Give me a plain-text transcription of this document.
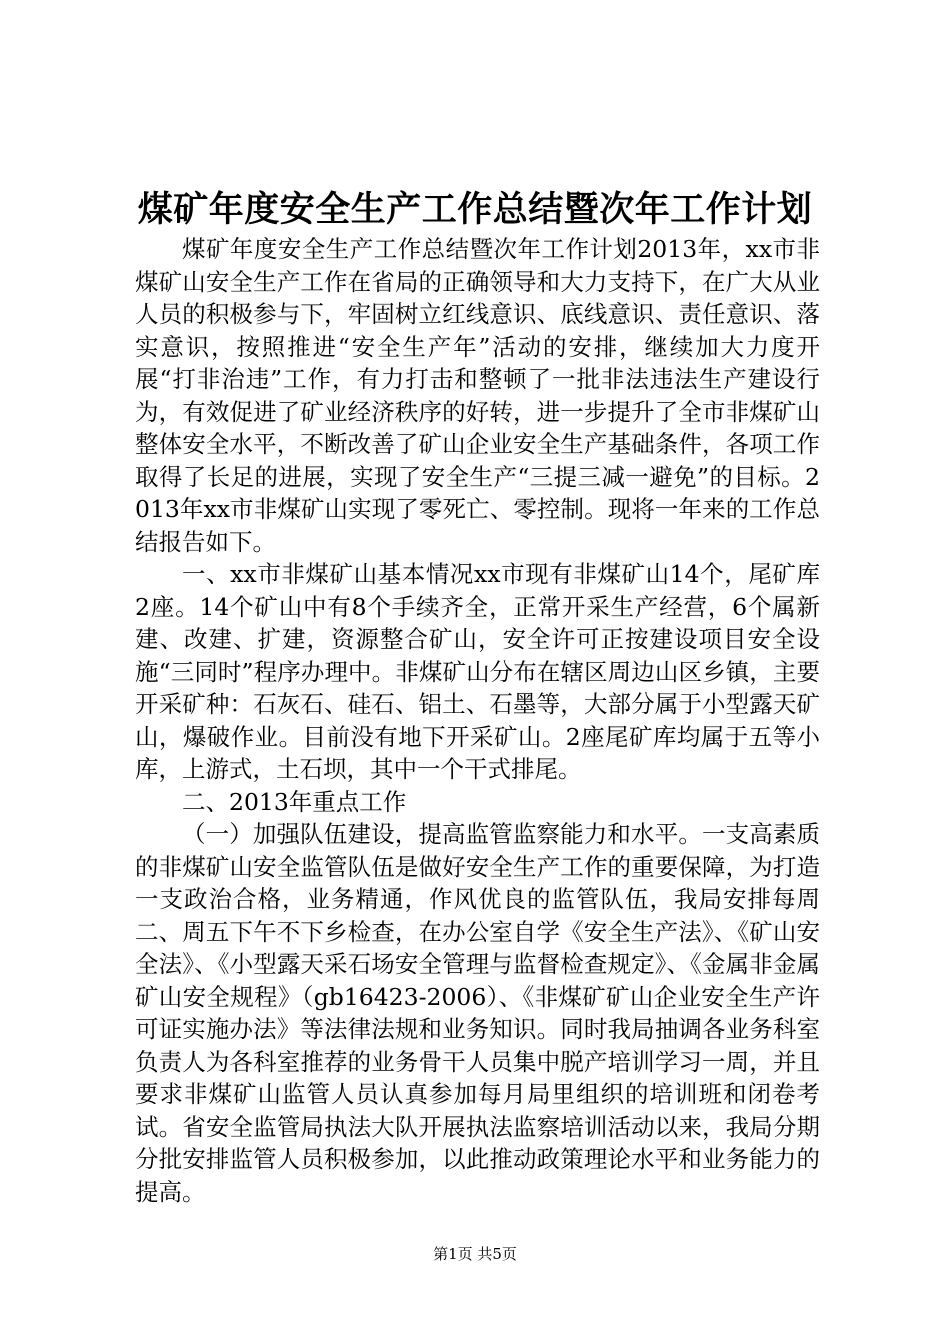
煤矿年度安全生产工作总结暨次年工作计划

煤矿年度安全生产工作总结暨次年工作计划2013年，xx市非煤矿山安全生产工作在省局的正确领导和大力支持下，在广大从业人员的积极参与下，牢固树立红线意识、底线意识、责任意识、落实意识，按照推进“安全生产年”活动的安排，继续加大力度开展“打非治违”工作，有力打击和整顿了一批非法违法生产建设行为，有效促进了矿业经济秩序的好转，进一步提升了全市非煤矿山整体安全水平，不断改善了矿山企业安全生产基础条件，各项工作取得了长足的进展，实现了安全生产“三提三减一避免”的目标。2013年xx市非煤矿山实现了零死亡、零控制。现将一年来的工作总结报告如下。

一、xx市非煤矿山基本情况xx市现有非煤矿山14个，尾矿库2座。14个矿山中有8个手续齐全，正常开采生产经营，6个属新建、改建、扩建，资源整合矿山，安全许可正按建设项目安全设施“三同时”程序办理中。非煤矿山分布在辖区周边山区乡镇，主要开采矿种：石灰石、硅石、铝土、石墨等，大部分属于小型露天矿山，爆破作业。目前没有地下开采矿山。2座尾矿库均属于五等小库，上游式，土石坝，其中一个干式排尾。

二、2013年重点工作

（一）加强队伍建设，提高监管监察能力和水平。一支高素质的非煤矿山安全监管队伍是做好安全生产工作的重要保障，为打造一支政治合格，业务精通，作风优良的监管队伍，我局安排每周二、周五下午不下乡检查，在办公室自学《安全生产法》、《矿山安全法》、《小型露天采石场安全管理与监督检查规定》、《金属非金属矿山安全规程》（gb16423-2006）、《非煤矿矿山企业安全生产许可证实施办法》等法律法规和业务知识。同时我局抽调各业务科室负责人为各科室推荐的业务骨干人员集中脱产培训学习一周，并且要求非煤矿山监管人员认真参加每月局里组织的培训班和闭卷考试。省安全监管局执法大队开展执法监察培训活动以来，我局分期分批安排监管人员积极参加，以此推动政策理论水平和业务能力的提高。

第1页 共5页
